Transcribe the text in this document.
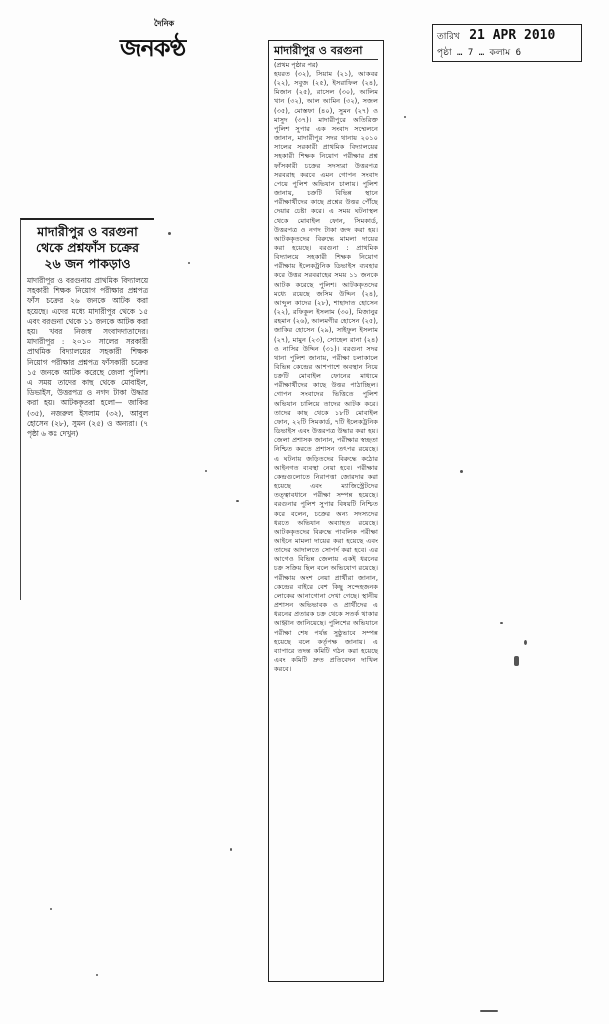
দৈনিক
জনকণ্ঠ	তারিখ 21 APR 2010
পৃষ্ঠা … 7 … কলাম 6
মাদারীপুর ও বরগুনা থেকে প্রশ্নফাঁস চক্রের ২৬ জন পাকড়াও
মাদারীপুর ও বরগুনায় প্রাথমিক বিদ্যালয়ে সহকারী শিক্ষক নিয়োগ পরীক্ষার প্রশ্নপত্র ফাঁস চক্রের ২৬ জনকে আটক করা হয়েছে। এদের মধ্যে মাদারীপুর থেকে ১৫ এবং বরগুনা থেকে ১১ জনকে আটক করা হয়। খবর নিজস্ব সংবাদদাতাদের। মাদারীপুর : ২০১০ সালের সরকারী প্রাথমিক বিদ্যালয়ের সহকারী শিক্ষক নিয়োগ পরীক্ষার প্রশ্নপত্র ফাঁসকারী চক্রের ১৫ জনকে আটক করেছে জেলা পুলিশ। এ সময় তাদের কাছ থেকে মোবাইল, ডিভাইস, উত্তরপত্র ও নগদ টাকা উদ্ধার করা হয়। আটককৃতরা হলো— জাকির (৩৫), নজরুল ইসলাম (৩২), আবুল হোসেন (২৮), সুমন (২৫) ও অন্যরা। (৭ পৃষ্ঠা ৬ কঃ দেখুন)
মাদারীপুর ও বরগুনা
(প্রথম পৃষ্ঠার পর)
হযরত (৩২), সিয়াম (২১), আকবর (২২), সবুজ (২৫), ইসরাফিল (২৪), মিজান (২৫), রাসেল (৩০), আলিম খান (৩২), আল আমিন (৩২), সজল (৩৫), মোস্তফা (৪০), সুমন (২৭) ও মাসুদ (৩৭)। মাদারীপুরে অতিরিক্ত পুলিশ সুপার এক সংবাদ সম্মেলনে জানান, মাদারীপুর সদর থানায় ২০১০ সালের সরকারী প্রাথমিক বিদ্যালয়ের সহকারী শিক্ষক নিয়োগ পরীক্ষার প্রশ্ন ফাঁসকারী চক্রের সদস্যরা উত্তরপত্র সরবরাহ করবে এমন গোপন সংবাদ পেয়ে পুলিশ অভিযান চালায়। পুলিশ জানায়, চক্রটি বিভিন্ন স্থানে পরীক্ষার্থীদের কাছে প্রশ্নের উত্তর পৌঁছে দেয়ার চেষ্টা করে। এ সময় ঘটনাস্থল থেকে মোবাইল ফোন, সিমকার্ড, উত্তরপত্র ও নগদ টাকা জব্দ করা হয়। আটককৃতদের বিরুদ্ধে মামলা দায়ের করা হয়েছে। বরগুনা : প্রাথমিক বিদ্যালয়ে সহকারী শিক্ষক নিয়োগ পরীক্ষায় ইলেকট্রনিক ডিভাইস ব্যবহার করে উত্তর সরবরাহের সময় ১১ জনকে আটক করেছে পুলিশ। আটককৃতদের মধ্যে রয়েছে জসিম উদ্দিন (২৪), আব্দুল কাদের (২৮), শাহাদাত হোসেন (২২), রফিকুল ইসলাম (৩০), মিজানুর রহমান (২৬), আলমগীর হোসেন (২৫), জাকির হোসেন (২৯), সাইফুল ইসলাম (২৭), মামুন (২৩), সোহেল রানা (২৪) ও নাসির উদ্দিন (৩১)। বরগুনা সদর থানা পুলিশ জানায়, পরীক্ষা চলাকালে বিভিন্ন কেন্দ্রের আশপাশে অবস্থান নিয়ে চক্রটি মোবাইল ফোনের মাধ্যমে পরীক্ষার্থীদের কাছে উত্তর পাঠাচ্ছিল। গোপন সংবাদের ভিত্তিতে পুলিশ অভিযান চালিয়ে তাদের আটক করে। তাদের কাছ থেকে ১৮টি মোবাইল ফোন, ২২টি সিমকার্ড, ৭টি ইলেকট্রনিক ডিভাইস এবং উত্তরপত্র উদ্ধার করা হয়। জেলা প্রশাসক জানান, পরীক্ষার স্বচ্ছতা নিশ্চিত করতে প্রশাসন তৎপর রয়েছে। এ ঘটনায় জড়িতদের বিরুদ্ধে কঠোর আইনগত ব্যবস্থা নেয়া হবে। পরীক্ষার কেন্দ্রগুলোতে নিরাপত্তা জোরদার করা হয়েছে এবং ম্যাজিস্ট্রেটদের তত্ত্বাবধানে পরীক্ষা সম্পন্ন হয়েছে। বরগুনার পুলিশ সুপার বিষয়টি নিশ্চিত করে বলেন, চক্রের অন্য সদস্যদের ধরতে অভিযান অব্যাহত রয়েছে। আটককৃতদের বিরুদ্ধে পাবলিক পরীক্ষা আইনে মামলা দায়ের করা হয়েছে এবং তাদের আদালতে সোপর্দ করা হবে। এর আগেও বিভিন্ন জেলায় একই ধরনের চক্র সক্রিয় ছিল বলে অভিযোগ রয়েছে। পরীক্ষায় অংশ নেয়া প্রার্থীরা জানান, কেন্দ্রের বাইরে বেশ কিছু সন্দেহজনক লোকের আনাগোনা দেখা গেছে। স্থানীয় প্রশাসন অভিভাবক ও প্রার্থীদের এ ধরনের প্রতারক চক্র থেকে সতর্ক থাকার আহ্বান জানিয়েছে। পুলিশের অভিযানে পরীক্ষা শেষ পর্যন্ত সুষ্ঠুভাবে সম্পন্ন হয়েছে বলে কর্তৃপক্ষ জানায়। এ ব্যাপারে তদন্ত কমিটি গঠন করা হয়েছে এবং কমিটি দ্রুত প্রতিবেদন দাখিল করবে।
